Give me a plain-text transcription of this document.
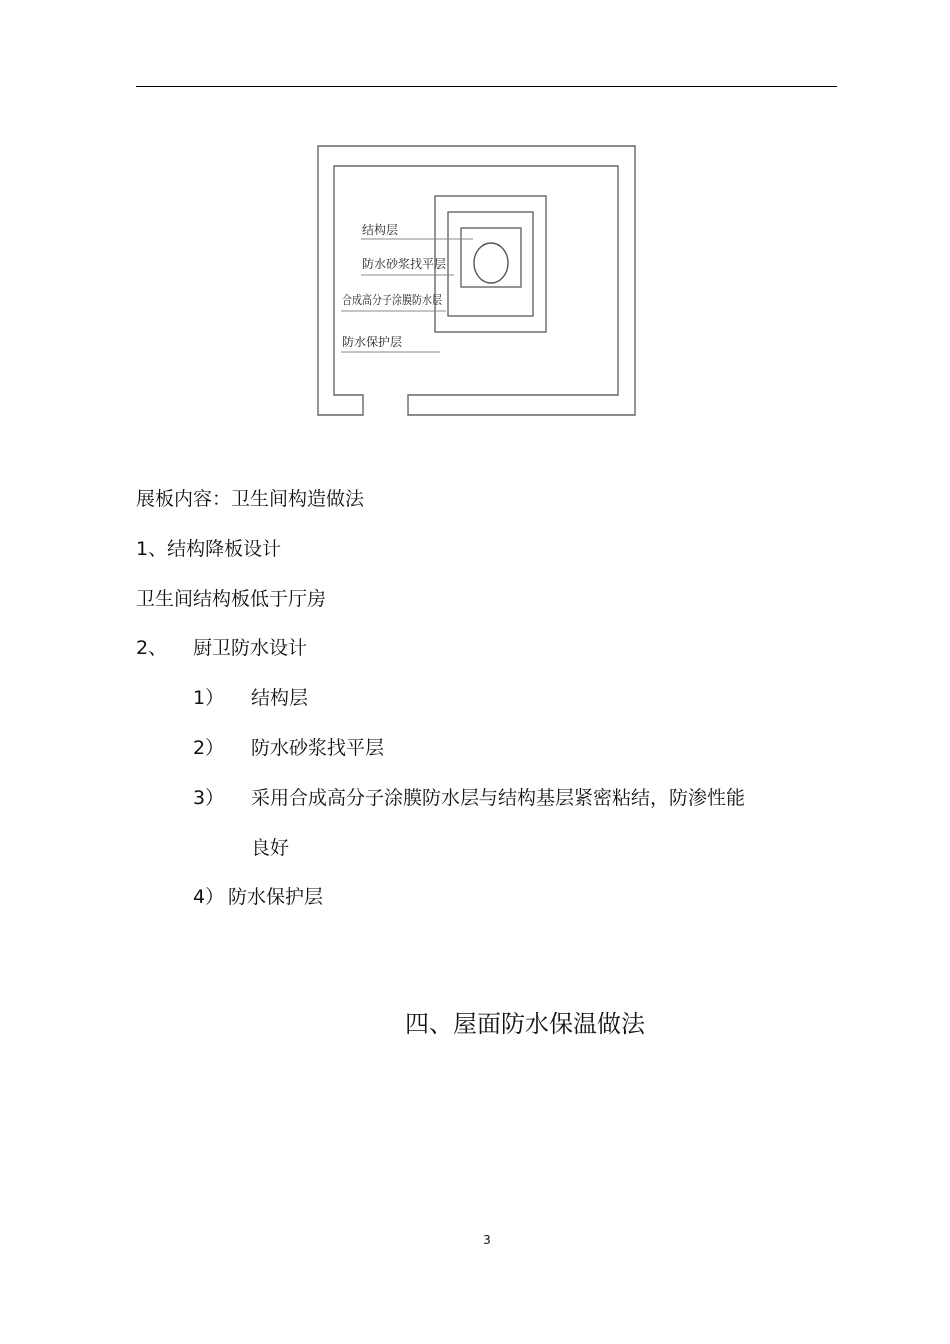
结构层
防水砂浆找平层
合成高分子涂膜防水层
防水保护层
展板内容：卫生间构造做法
1、结构降板设计
卫生间结构板低于厅房
2、 厨卫防水设计
1） 结构层
2） 防水砂浆找平层
3） 采用合成高分子涂膜防水层与结构基层紧密粘结，防渗性能
良好
4） 防水保护层
四、屋面防水保温做法
3
